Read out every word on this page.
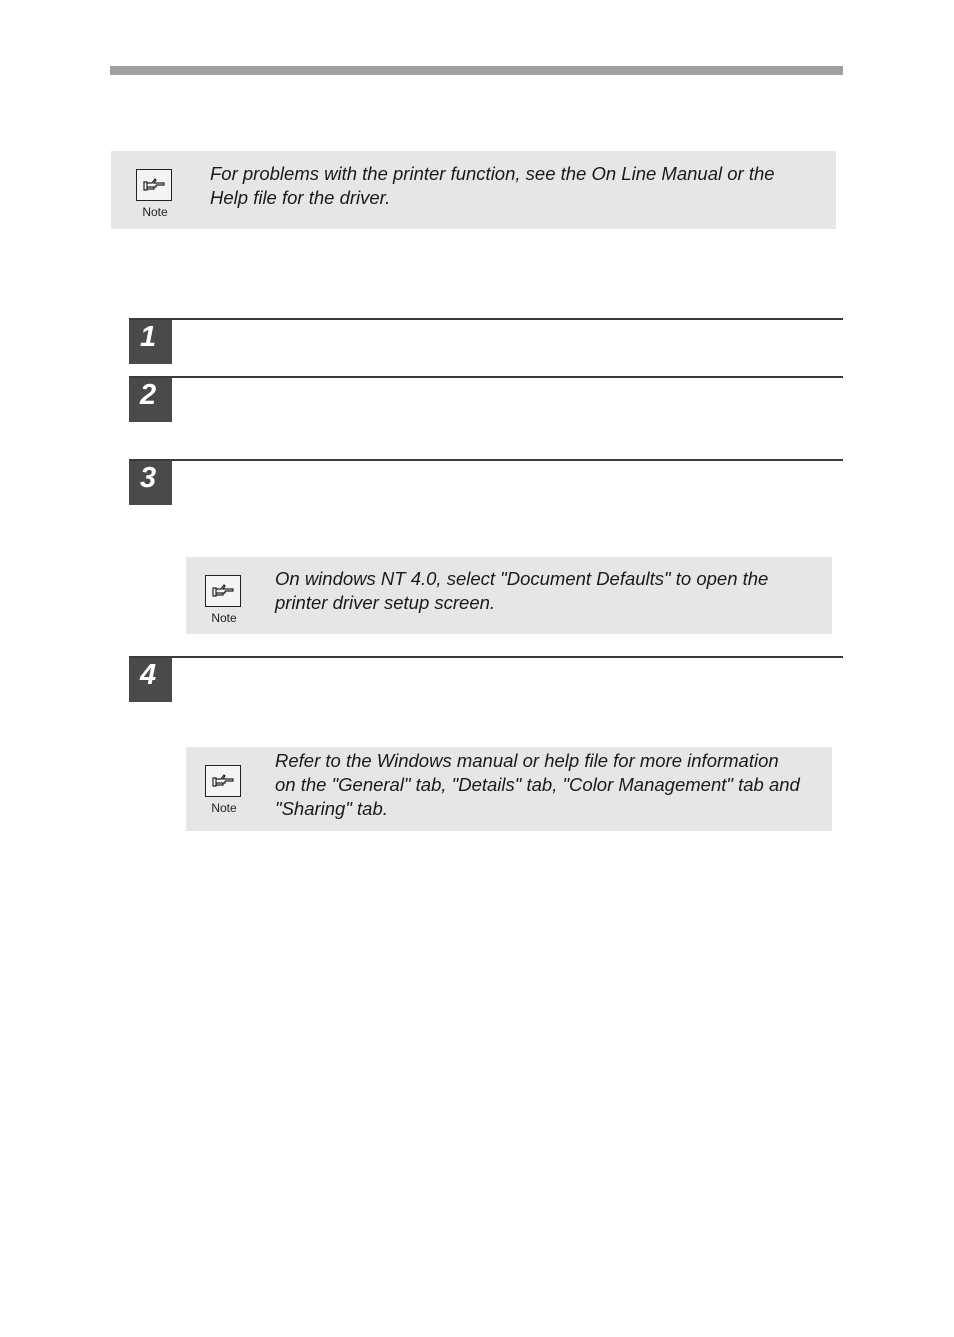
Note
For problems with the printer function, see the On Line Manual or the
Help file for the driver.
1
2
3
Note
On windows NT 4.0, select "Document Defaults" to open the
printer driver setup screen.
4
Note
Refer to the Windows manual or help file for more information
on the "General" tab, "Details" tab, "Color Management" tab and
"Sharing" tab.
